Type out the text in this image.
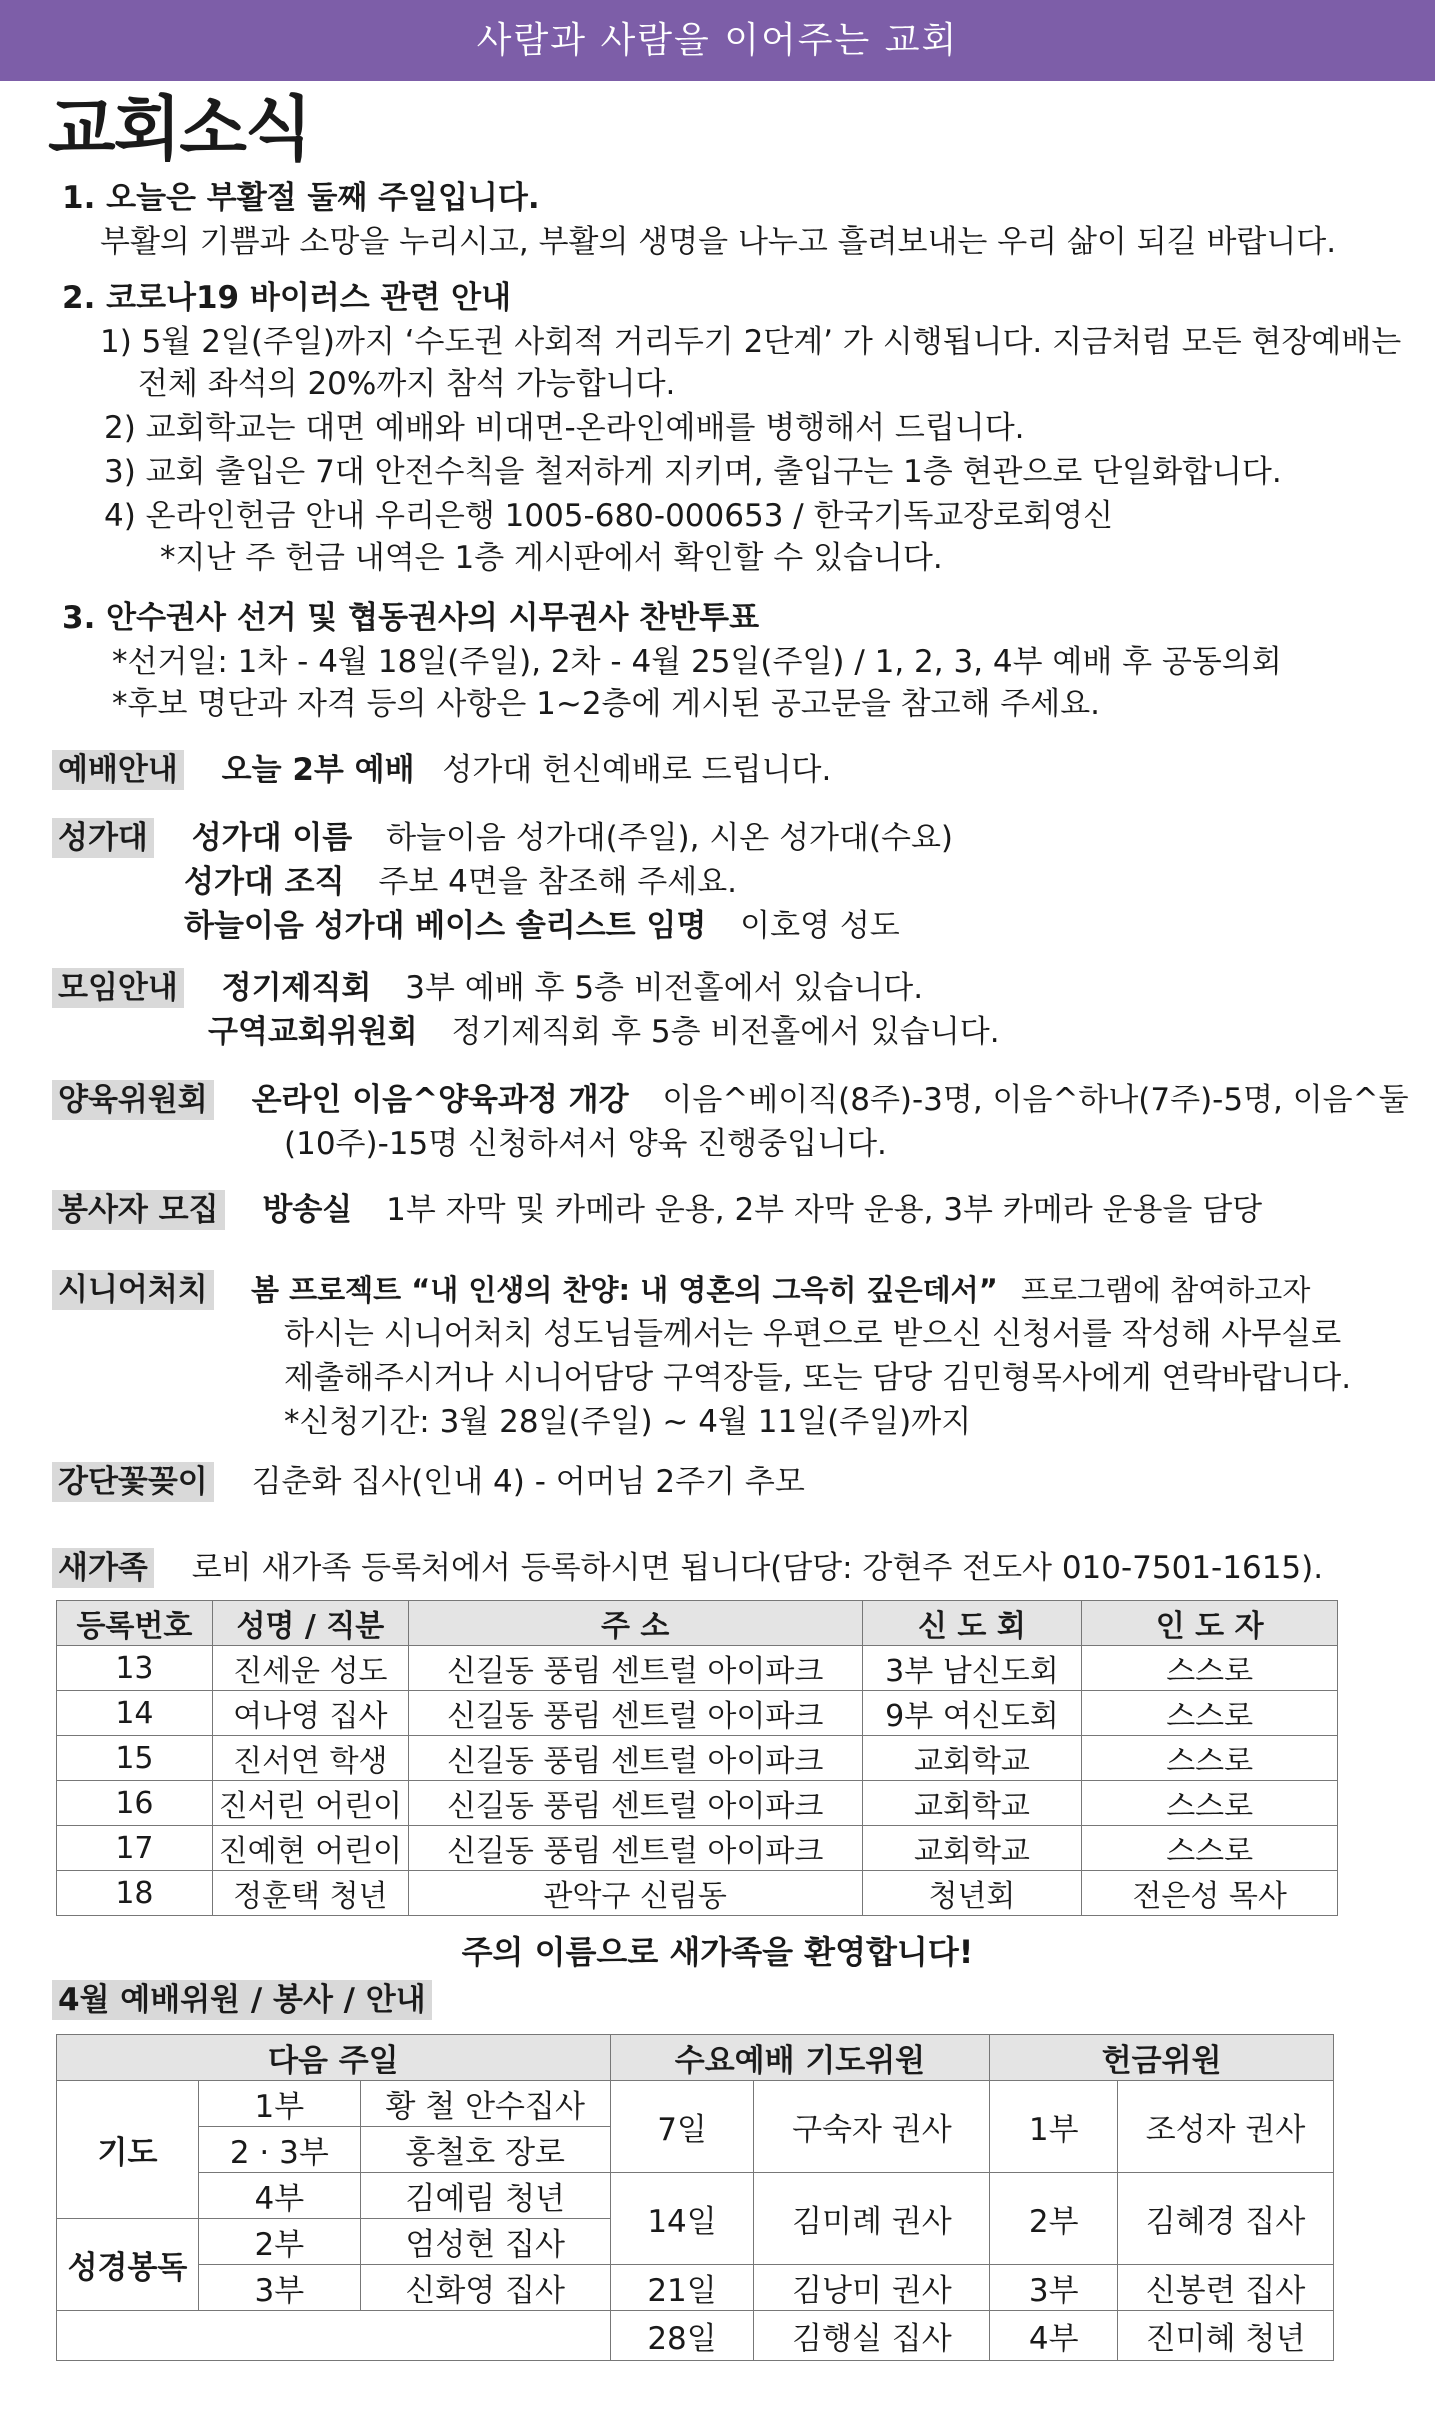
사람과 사람을 이어주는 교회
교회소식
1. 오늘은 부활절 둘째 주일입니다.
부활의 기쁨과 소망을 누리시고, 부활의 생명을 나누고 흘려보내는 우리 삶이 되길 바랍니다.
2. 코로나19 바이러스 관련 안내
1) 5월 2일(주일)까지 ‘수도권 사회적 거리두기 2단계’ 가 시행됩니다. 지금처럼 모든 현장예배는
전체 좌석의 20%까지 참석 가능합니다.
2) 교회학교는 대면 예배와 비대면-온라인예배를 병행해서 드립니다.
3) 교회 출입은 7대 안전수칙을 철저하게 지키며, 출입구는 1층 현관으로 단일화합니다.
4) 온라인헌금 안내 우리은행 1005-680-000653 / 한국기독교장로회영신
*지난 주 헌금 내역은 1층 게시판에서 확인할 수 있습니다.
3. 안수권사 선거 및 협동권사의 시무권사 찬반투표
*선거일: 1차 - 4월 18일(주일), 2차 - 4월 25일(주일) / 1, 2, 3, 4부 예배 후 공동의회
*후보 명단과 자격 등의 사항은 1~2층에 게시된 공고문을 참고해 주세요.
예배안내 오늘 2부 예배 성가대 헌신예배로 드립니다.
성가대 성가대 이름 하늘이음 성가대(주일), 시온 성가대(수요)
성가대 조직 주보 4면을 참조해 주세요.
하늘이음 성가대 베이스 솔리스트 임명 이호영 성도
모임안내 정기제직회 3부 예배 후 5층 비전홀에서 있습니다.
구역교회위원회 정기제직회 후 5층 비전홀에서 있습니다.
양육위원회 온라인 이음^양육과정 개강 이음^베이직(8주)-3명, 이음^하나(7주)-5명, 이음^둘
(10주)-15명 신청하셔서 양육 진행중입니다.
봉사자 모집 방송실 1부 자막 및 카메라 운용, 2부 자막 운용, 3부 카메라 운용을 담당
시니어처치 봄 프로젝트 “내 인생의 찬양: 내 영혼의 그윽히 깊은데서” 프로그램에 참여하고자
하시는 시니어처치 성도님들께서는 우편으로 받으신 신청서를 작성해 사무실로
제출해주시거나 시니어담당 구역장들, 또는 담당 김민형목사에게 연락바랍니다.
*신청기간: 3월 28일(주일) ~ 4월 11일(주일)까지
강단꽃꽂이 김춘화 집사(인내 4) - 어머님 2주기 추모
새가족 로비 새가족 등록처에서 등록하시면 됩니다(담당: 강현주 전도사 010-7501-1615).
등록번호	성명 / 직분	주 소	신 도 회	인 도 자
13	진세운 성도	신길동 풍림 센트럴 아이파크	3부 남신도회	스스로
14	여나영 집사	신길동 풍림 센트럴 아이파크	9부 여신도회	스스로
15	진서연 학생	신길동 풍림 센트럴 아이파크	교회학교	스스로
16	진서린 어린이	신길동 풍림 센트럴 아이파크	교회학교	스스로
17	진예현 어린이	신길동 풍림 센트럴 아이파크	교회학교	스스로
18	정훈택 청년	관악구 신림동	청년회	전은성 목사
주의 이름으로 새가족을 환영합니다!
4월 예배위원 / 봉사 / 안내
다음 주일			수요예배 기도위원		헌금위원	
기도	1부	황 철 안수집사	7일	구숙자 권사	1부	조성자 권사
	2 · 3부	홍철호 장로				
	4부	김예림 청년	14일	김미례 권사	2부	김혜경 집사
성경봉독	2부	엄성현 집사				
	3부	신화영 집사	21일	김낭미 권사	3부	신봉련 집사
			28일	김행실 집사	4부	진미혜 청년
